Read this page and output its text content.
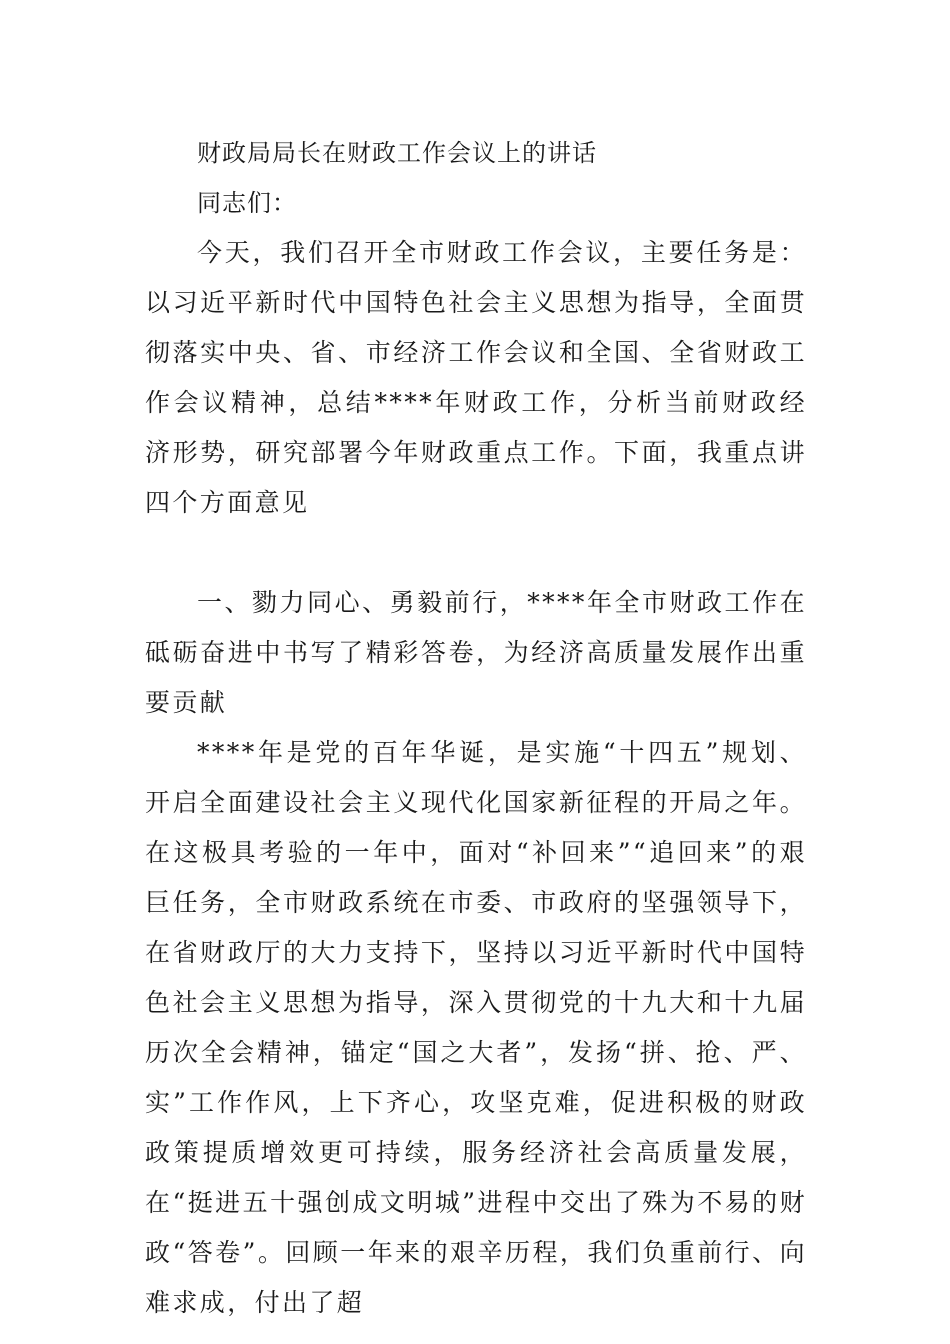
财政局局长在财政工作会议上的讲话

同志们：

今天，我们召开全市财政工作会议，主要任务是：以习近平新时代中国特色社会主义思想为指导，全面贯彻落实中央、省、市经济工作会议和全国、全省财政工作会议精神，总结****年财政工作，分析当前财政经济形势，研究部署今年财政重点工作。下面，我重点讲四个方面意见

一、勠力同心、勇毅前行，****年全市财政工作在砥砺奋进中书写了精彩答卷，为经济高质量发展作出重要贡献

****年是党的百年华诞，是实施“十四五”规划、开启全面建设社会主义现代化国家新征程的开局之年。在这极具考验的一年中，面对“补回来”“追回来”的艰巨任务，全市财政系统在市委、市政府的坚强领导下，在省财政厅的大力支持下，坚持以习近平新时代中国特色社会主义思想为指导，深入贯彻党的十九大和十九届历次全会精神，锚定“国之大者”，发扬“拼、抢、严、实”工作作风，上下齐心，攻坚克难，促进积极的财政政策提质增效更可持续，服务经济社会高质量发展，在“挺进五十强创成文明城”进程中交出了殊为不易的财政“答卷”。回顾一年来的艰辛历程，我们负重前行、向难求成，付出了超
